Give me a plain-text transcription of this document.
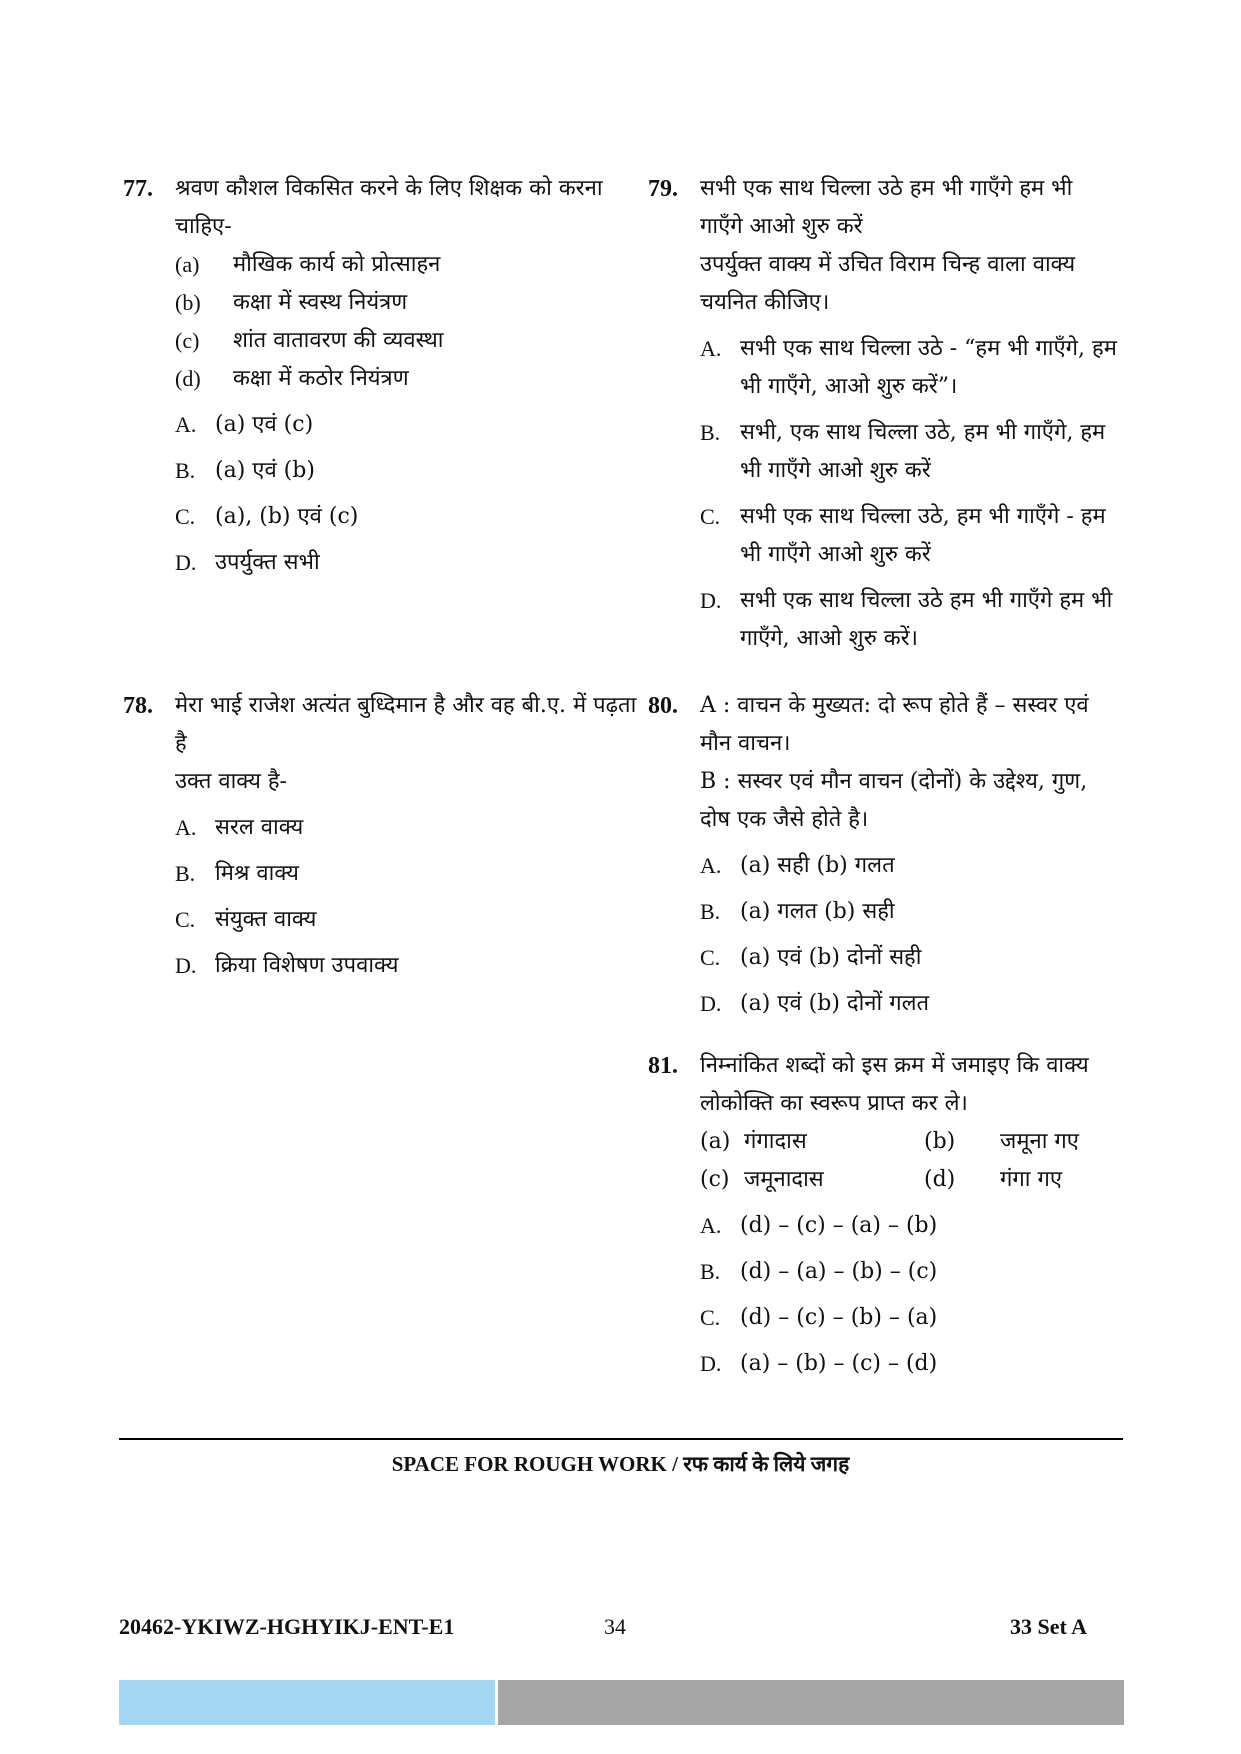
77. श्रवण कौशल विकसित करने के लिए शिक्षक को करना चाहिए-

(a)	मौखिक कार्य को प्रोत्साहन
(b)	कक्षा में स्वस्थ नियंत्रण
(c)	शांत वातावरण की व्यवस्था
(d)	कक्षा में कठोर नियंत्रण
A. (a) एवं (c)
B. (a) एवं (b)
C. (a), (b) एवं (c)
D. उपर्युक्त सभी
78. मेरा भाई राजेश अत्यंत बुध्दिमान है और वह बी.ए. में पढ़ता है

उक्त वाक्य है-

A. सरल वाक्य
B. मिश्र वाक्य
C. संयुक्त वाक्य
D. क्रिया विशेषण उपवाक्य
79. सभी एक साथ चिल्ला उठे हम भी गाएँगे हम भी गाएँगे आओ शुरु करें

उपर्युक्त वाक्य में उचित विराम चिन्ह वाला वाक्य चयनित कीजिए।

A. सभी एक साथ चिल्ला उठे - “हम भी गाएँगे, हम भी गाएँगे, आओ शुरु करें”।
B. सभी, एक साथ चिल्ला उठे, हम भी गाएँगे, हम भी गाएँगे आओ शुरु करें
C. सभी एक साथ चिल्ला उठे, हम भी गाएँगे - हम भी गाएँगे आओ शुरु करें
D. सभी एक साथ चिल्ला उठे हम भी गाएँगे हम भी गाएँगे, आओ शुरु करें।
80. A : वाचन के मुख्यत: दो रूप होते हैं – सस्वर एवं मौन वाचन।

B : सस्वर एवं मौन वाचन (दोनों) के उद्देश्य, गुण, दोष एक जैसे होते है।

A. (a) सही (b) गलत
B. (a) गलत (b) सही
C. (a) एवं (b) दोनों सही
D. (a) एवं (b) दोनों गलत
81. निम्नांकित शब्दों को इस क्रम में जमाइए कि वाक्य लोकोक्ति का स्वरूप प्राप्त कर ले।

(a) गंगादास	(b)	जमूना गए
(c) जमूनादास	(d)	गंगा गए
A. (d) – (c) – (a) – (b)
B. (d) – (a) – (b) – (c)
C. (d) – (c) – (b) – (a)
D. (a) – (b) – (c) – (d)
SPACE FOR ROUGH WORK / रफ कार्य के लिये जगह
20462-YKIWZ-HGHYIKJ-ENT-E1	34	33 Set A
